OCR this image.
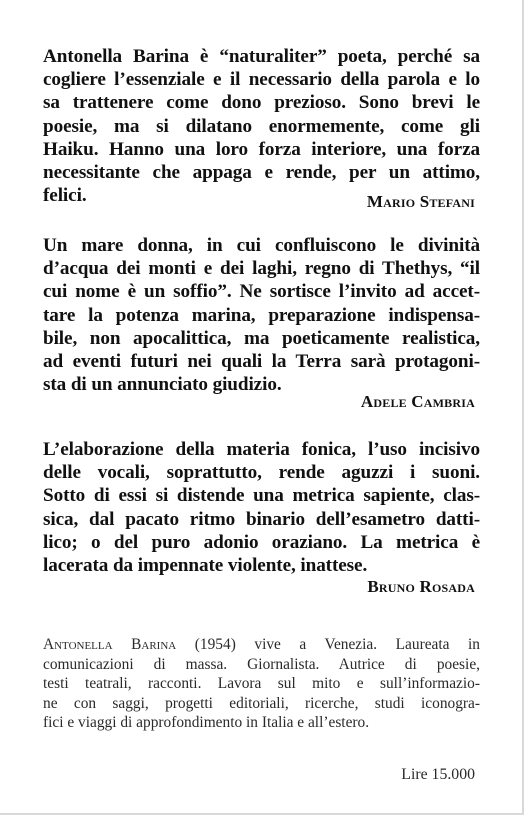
Antonella Barina è “naturaliter” poeta, perché sa
cogliere l’essenziale e il necessario della parola e lo
sa trattenere come dono prezioso. Sono brevi le
poesie, ma si dilatano enormemente, come gli
Haiku. Hanno una loro forza interiore, una forza
necessitante che appaga e rende, per un attimo,
felici.	Mario Stefani
Un mare donna, in cui confluiscono le divinità
d’acqua dei monti e dei laghi, regno di Thethys, “il
cui nome è un soffio”. Ne sortisce l’invito ad accet-
tare la potenza marina, preparazione indispensa-
bile, non apocalittica, ma poeticamente realistica,
ad eventi futuri nei quali la Terra sarà protagoni-
sta di un annunciato giudizio.
Adele Cambria
L’elaborazione della materia fonica, l’uso incisivo
delle vocali, soprattutto, rende aguzzi i suoni.
Sotto di essi si distende una metrica sapiente, clas-
sica, dal pacato ritmo binario dell’esametro datti-
lico; o del puro adonio oraziano. La metrica è
lacerata da impennate violente, inattese.
Bruno Rosada
Antonella Barina (1954) vive a Venezia. Laureata in
comunicazioni di massa. Giornalista. Autrice di poesie,
testi teatrali, racconti. Lavora sul mito e sull’informazio-
ne con saggi, progetti editoriali, ricerche, studi iconogra-
fici e viaggi di approfondimento in Italia e all’estero.
Lire 15.000
